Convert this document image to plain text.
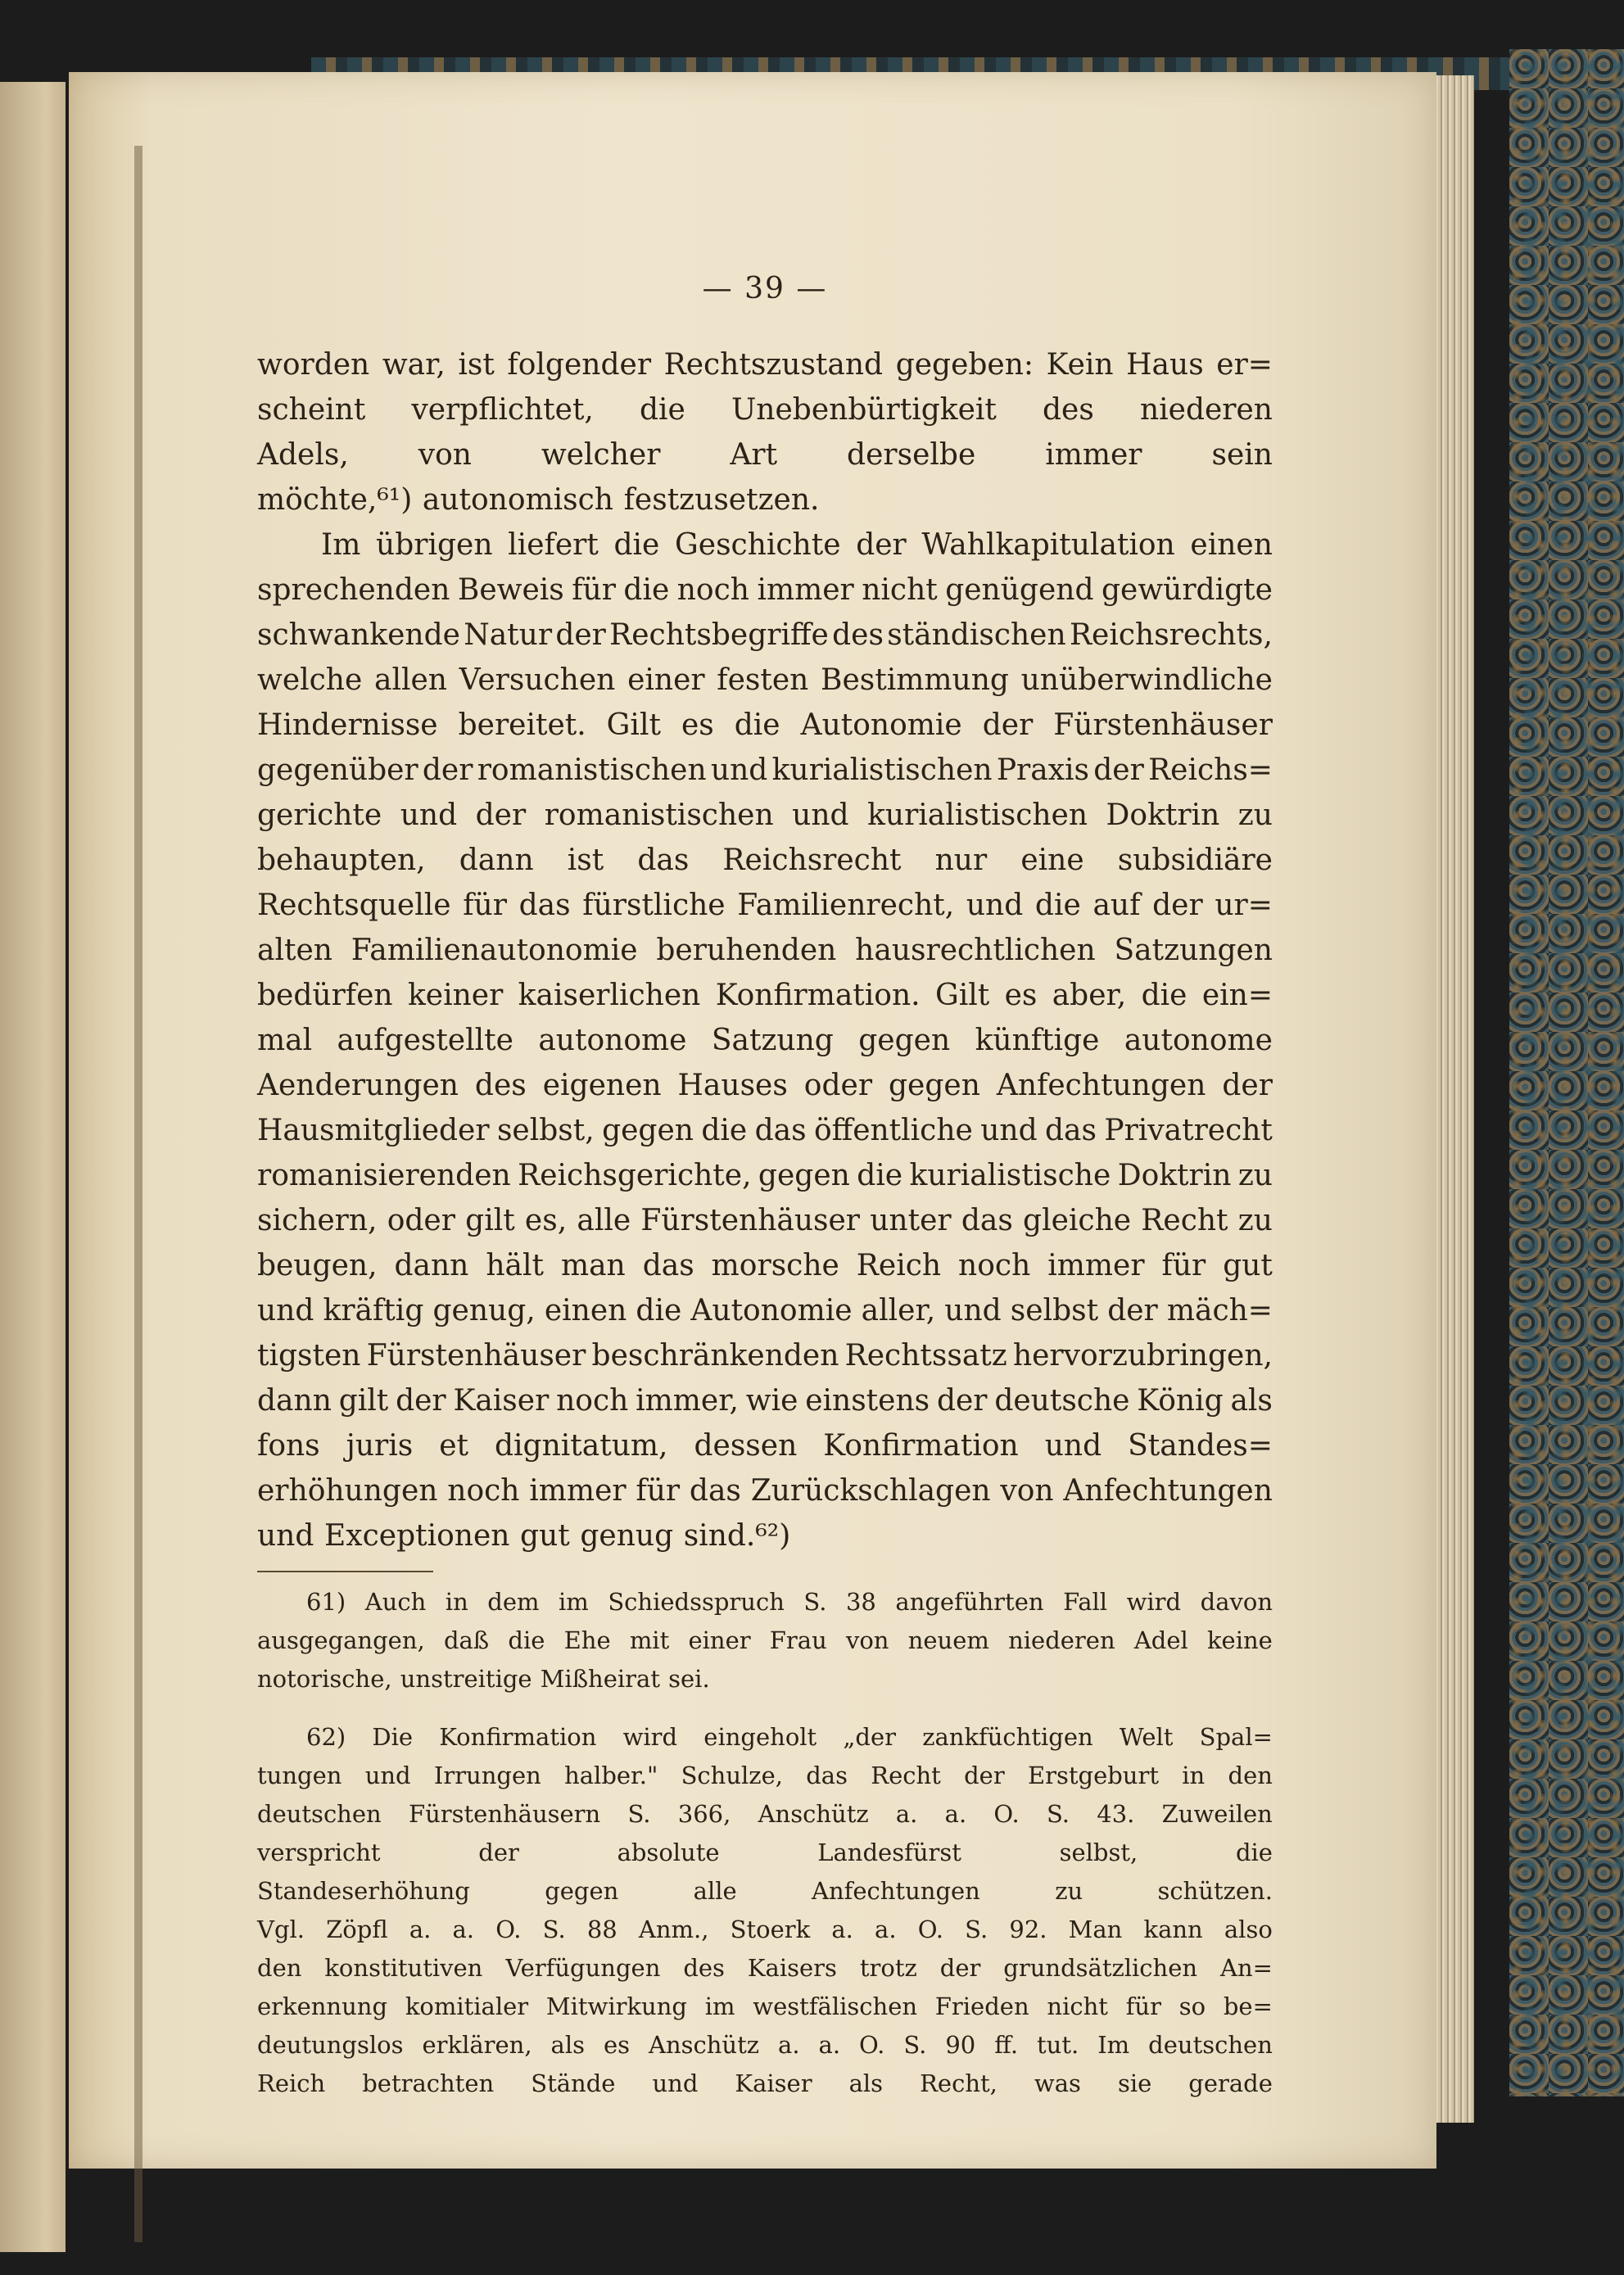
— 39 —
worden war, ist folgender Rechtszustand gegeben: Kein Haus er=
scheint verpflichtet, die Unebenbürtigkeit des niederen
Adels, von welcher Art derselbe immer sein
möchte,⁶¹) autonomisch festzusetzen.
Im übrigen liefert die Geschichte der Wahlkapitulation einen
sprechenden Beweis für die noch immer nicht genügend gewürdigte
schwankende Natur der Rechtsbegriffe des ständischen Reichsrechts,
welche allen Versuchen einer festen Bestimmung unüberwindliche
Hindernisse bereitet. Gilt es die Autonomie der Fürstenhäuser
gegenüber der romanistischen und kurialistischen Praxis der Reichs=
gerichte und der romanistischen und kurialistischen Doktrin zu
behaupten, dann ist das Reichsrecht nur eine subsidiäre
Rechtsquelle für das fürstliche Familienrecht, und die auf der ur=
alten Familienautonomie beruhenden hausrechtlichen Satzungen
bedürfen keiner kaiserlichen Konfirmation. Gilt es aber, die ein=
mal aufgestellte autonome Satzung gegen künftige autonome
Aenderungen des eigenen Hauses oder gegen Anfechtungen der
Hausmitglieder selbst, gegen die das öffentliche und das Privatrecht
romanisierenden Reichsgerichte, gegen die kurialistische Doktrin zu
sichern, oder gilt es, alle Fürstenhäuser unter das gleiche Recht zu
beugen, dann hält man das morsche Reich noch immer für gut
und kräftig genug, einen die Autonomie aller, und selbst der mäch=
tigsten Fürstenhäuser beschränkenden Rechtssatz hervorzubringen,
dann gilt der Kaiser noch immer, wie einstens der deutsche König als
fons juris et dignitatum, dessen Konfirmation und Standes=
erhöhungen noch immer für das Zurückschlagen von Anfechtungen
und Exceptionen gut genug sind.⁶²)
61) Auch in dem im Schiedsspruch S. 38 angeführten Fall wird davon
ausgegangen, daß die Ehe mit einer Frau von neuem niederen Adel keine
notorische, unstreitige Mißheirat sei.
62) Die Konfirmation wird eingeholt „der zankfüchtigen Welt Spal=
tungen und Irrungen halber." Schulze, das Recht der Erstgeburt in den
deutschen Fürstenhäusern S. 366, Anschütz a. a. O. S. 43. Zuweilen
verspricht	der	absolute	Landesfürst	selbst,	die
Standeserhöhung	gegen	alle	Anfechtungen	zu	schützen.
Vgl. Zöpfl a. a. O. S. 88 Anm., Stoerk a. a. O. S. 92. Man kann also
den konstitutiven Verfügungen des Kaisers trotz der grundsätzlichen An=
erkennung komitialer Mitwirkung im westfälischen Frieden nicht für so be=
deutungslos erklären, als es Anschütz a. a. O. S. 90 ff. tut. Im deutschen
Reich betrachten Stände und Kaiser als Recht, was sie gerade
